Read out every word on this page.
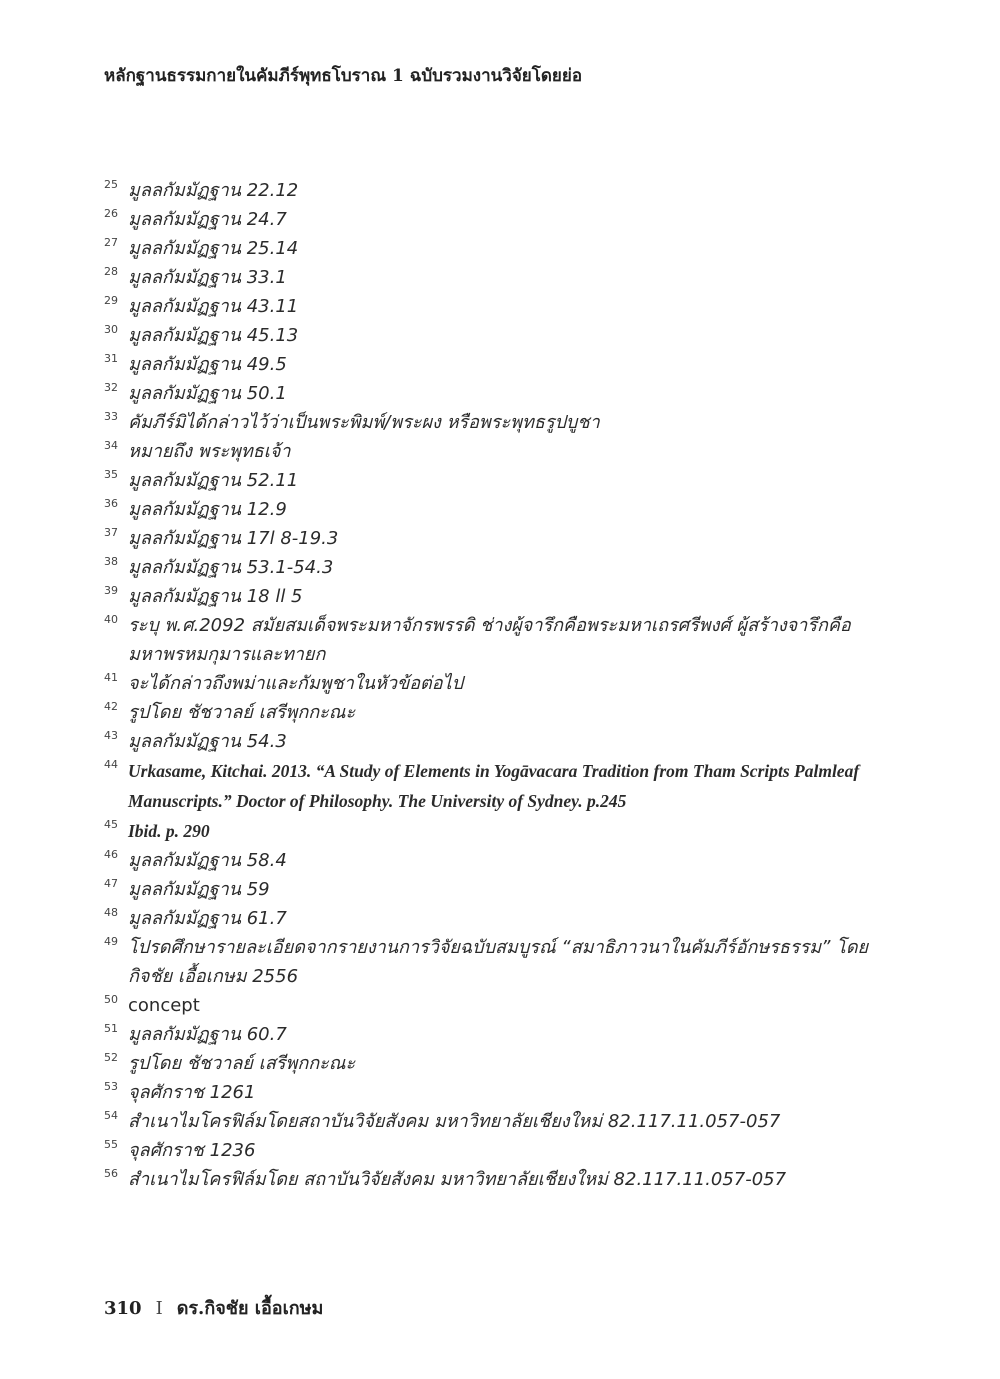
หลักฐานธรรมกายในคัมภีร์พุทธโบราณ 1 ฉบับรวมงานวิจัยโดยย่อ
25 มูลลกัมมัฏฐาน 22.12
26 มูลลกัมมัฏฐาน 24.7
27 มูลลกัมมัฏฐาน 25.14
28 มูลลกัมมัฏฐาน 33.1
29 มูลลกัมมัฏฐาน 43.11
30 มูลลกัมมัฏฐาน 45.13
31 มูลลกัมมัฏฐาน 49.5
32 มูลลกัมมัฏฐาน 50.1
33 คัมภีร์มิได้กล่าวไว้ว่าเป็นพระพิมพ์/พระผง หรือพระพุทธรูปบูชา
34 หมายถึง พระพุทธเจ้า
35 มูลลกัมมัฏฐาน 52.11
36 มูลลกัมมัฏฐาน 12.9
37 มูลลกัมมัฏฐาน 17l 8-19.3
38 มูลลกัมมัฏฐาน 53.1-54.3
39 มูลลกัมมัฏฐาน 18 ll 5
40 ระบุ พ.ศ.2092 สมัยสมเด็จพระมหาจักรพรรดิ ช่างผู้จารึกคือพระมหาเถรศรีพงศ์ ผู้สร้างจารึกคือ มหาพรหมกุมารและทายก
41 จะได้กล่าวถึงพม่าและกัมพูชาในหัวข้อต่อไป
42 รูปโดย ชัชวาลย์ เสรีพุกกะณะ
43 มูลลกัมมัฏฐาน 54.3
44 Urkasame, Kitchai. 2013. “A Study of Elements in Yogāvacara Tradition from Tham Scripts Palmleaf Manuscripts.” Doctor of Philosophy. The University of Sydney. p.245
45 Ibid. p. 290
46 มูลลกัมมัฏฐาน 58.4
47 มูลลกัมมัฏฐาน 59
48 มูลลกัมมัฏฐาน 61.7
49 โปรดศึกษารายละเอียดจากรายงานการวิจัยฉบับสมบูรณ์ “สมาธิภาวนาในคัมภีร์อักษรธรรม” โดย กิจชัย เอื้อเกษม 2556
50 concept
51 มูลลกัมมัฏฐาน 60.7
52 รูปโดย ชัชวาลย์ เสรีพุกกะณะ
53 จุลศักราช 1261
54 สำเนาไมโครฟิล์มโดยสถาบันวิจัยสังคม มหาวิทยาลัยเชียงใหม่ 82.117.11.057-057
55 จุลศักราช 1236
56 สำเนาไมโครฟิล์มโดย สถาบันวิจัยสังคม มหาวิทยาลัยเชียงใหม่ 82.117.11.057-057
310 I ดร.กิจชัย เอื้อเกษม
